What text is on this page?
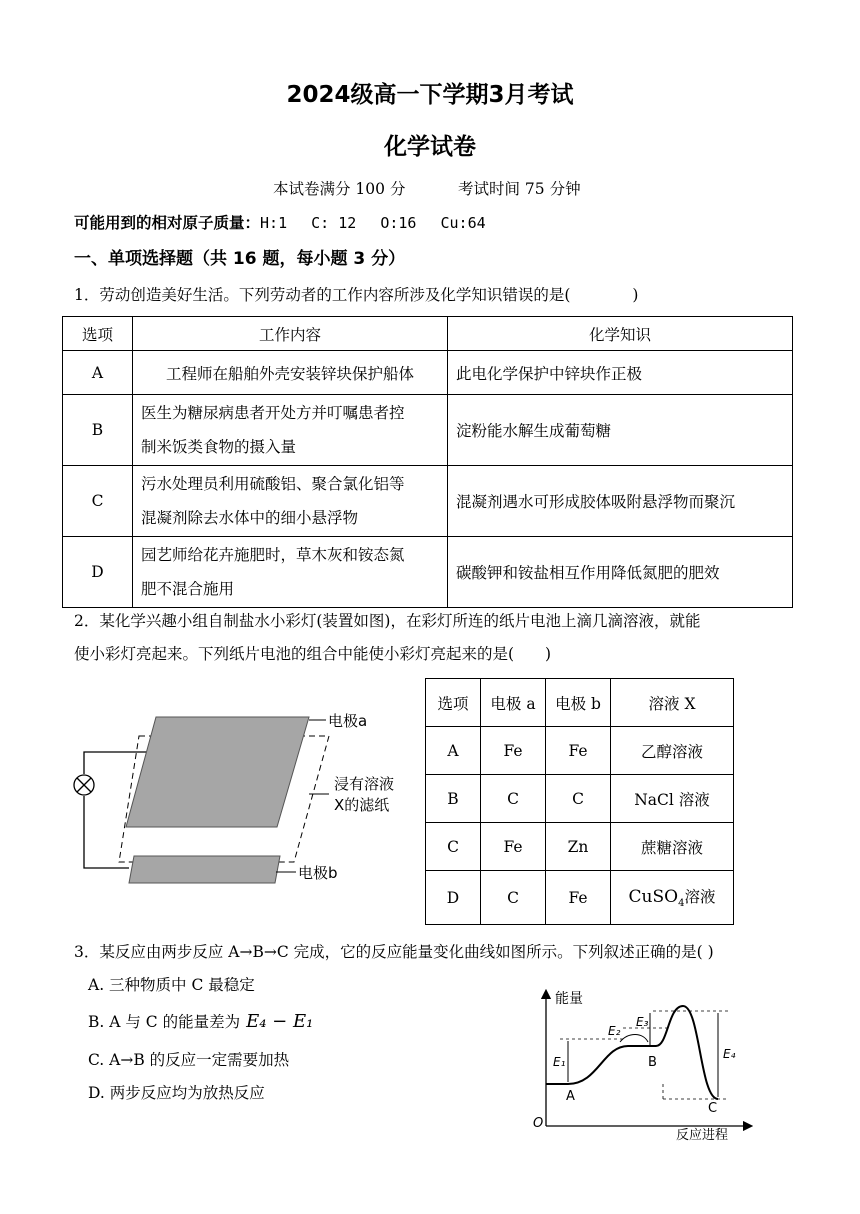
2024级高一下学期3月考试
化学试卷
本试卷满分 100 分	考试时间 75 分钟
可能用到的相对原子质量：H:1　 C: 12　 O:16　 Cu:64
一、单项选择题（共 16 题，每小题 3 分）
1．劳动创造美好生活。下列劳动者的工作内容所涉及化学知识错误的是(　　　　)
选项	工作内容	化学知识
A	工程师在船舶外壳安装锌块保护船体	此电化学保护中锌块作正极
B	医生为糖尿病患者开处方并叮嘱患者控
制米饭类食物的摄入量	淀粉能水解生成葡萄糖
C	污水处理员利用硫酸铝、聚合氯化铝等
混凝剂除去水体中的细小悬浮物	混凝剂遇水可形成胶体吸附悬浮物而聚沉
D	园艺师给花卉施肥时，草木灰和铵态氮
肥不混合施用	碳酸钾和铵盐相互作用降低氮肥的肥效
2．某化学兴趣小组自制盐水小彩灯(装置如图)，在彩灯所连的纸片电池上滴几滴溶液，就能
使小彩灯亮起来。下列纸片电池的组合中能使小彩灯亮起来的是(　　)
电极a
浸有溶液
X的滤纸
电极b
选项	电极 a	电极 b	溶液 X
A	Fe	Fe	乙醇溶液
B	C	C	NaCl 溶液
C	Fe	Zn	蔗糖溶液
D	C	Fe	CuSO$_4$溶液
3．某反应由两步反应 A→B→C 完成，它的反应能量变化曲线如图所示。下列叙述正确的是( )
A. 三种物质中 C 最稳定
B. A 与 C 的能量差为 E₄ − E₁
C. A→B 的反应一定需要加热
D. 两步反应均为放热反应
能量
反应进程
O
A
B
C
E₁
E₂
E₃
E₄
